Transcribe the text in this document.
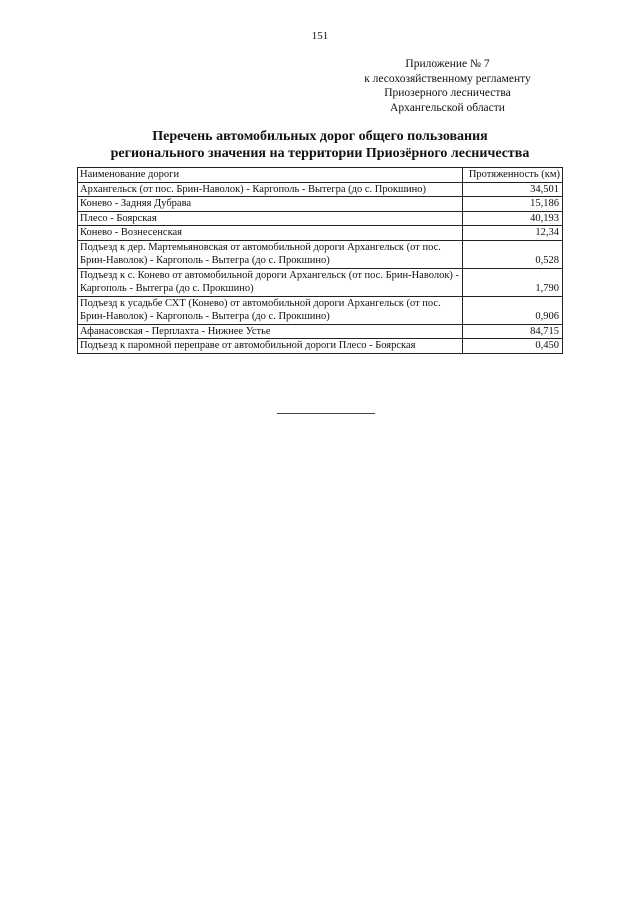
151
Приложение № 7
к лесохозяйственному регламенту
Приозерного лесничества
Архангельской области
Перечень автомобильных дорог общего пользования
регионального значения на территории Приозёрного лесничества
Наименование дороги	Протяженность (км)
Архангельск (от пос. Брин-Наволок) - Каргополь - Вытегра (до с. Прокшино)	34,501
Конево - Задняя Дубрава	15,186
Плесо - Боярская	40,193
Конево - Вознесенская	12,34
Подъезд к дер. Мартемьяновская от автомобильной дороги Архангельск (от пос. Брин-Наволок) - Каргополь - Вытегра (до с. Прокшино)	0,528
Подъезд к с. Конево от автомобильной дороги Архангельск (от пос. Брин-Наволок) - Каргополь - Вытегра (до с. Прокшино)	1,790
Подъезд к усадьбе СХТ (Конево) от автомобильной дороги Архангельск (от пос. Брин-Наволок) - Каргополь - Вытегра (до с. Прокшино)	0,906
Афанасовская - Перплахта - Нижнее Устье	84,715
Подъезд к паромной переправе от автомобильной дороги Плесо - Боярская	0,450
